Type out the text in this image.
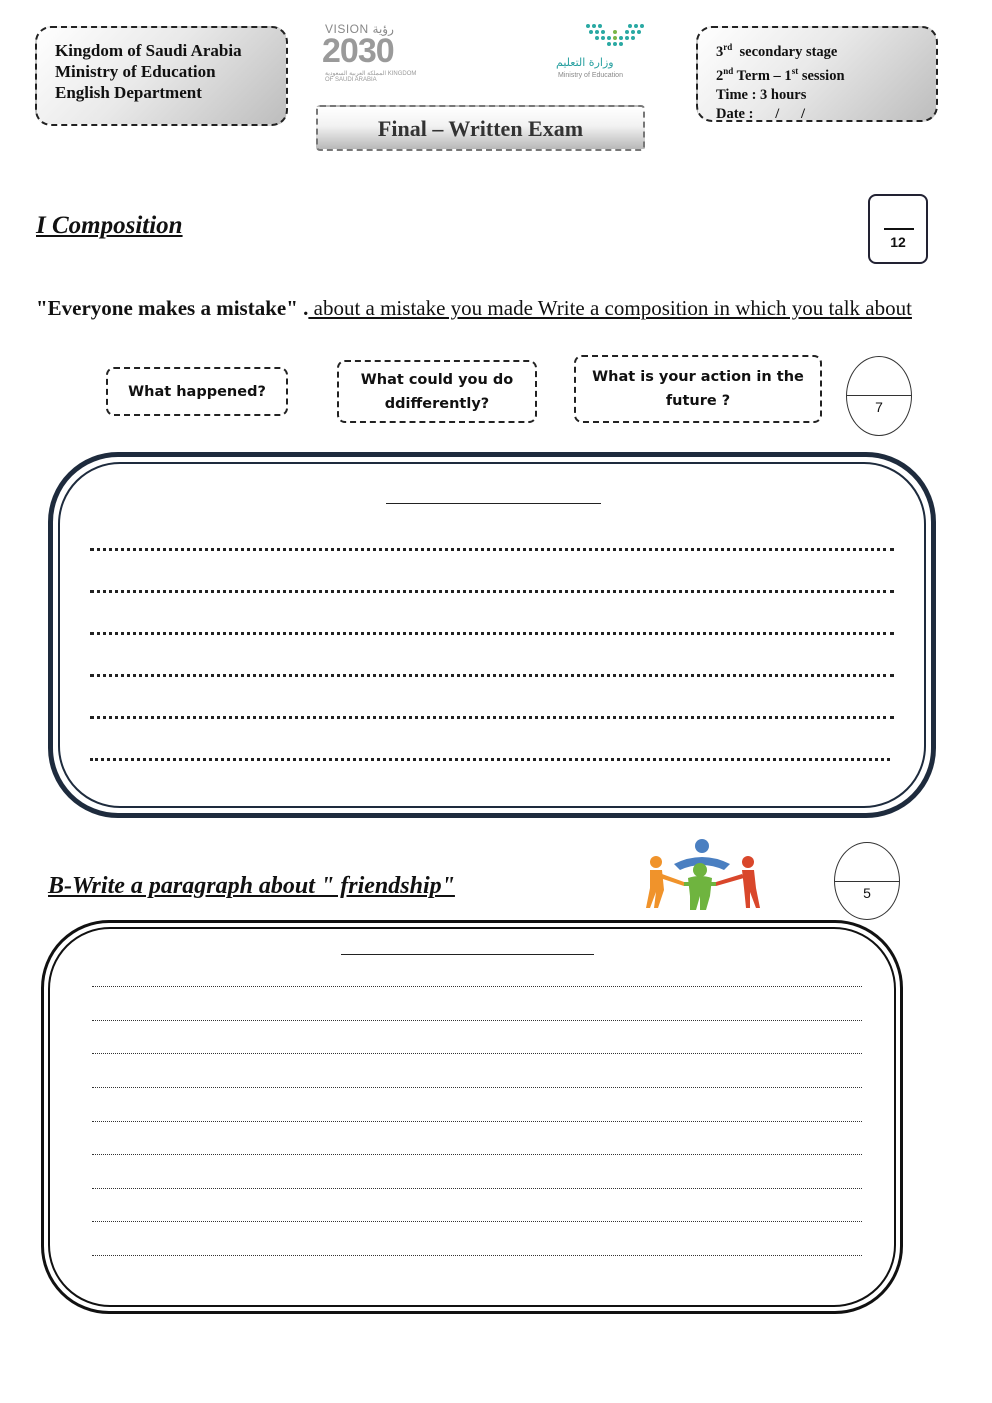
Kingdom of Saudi Arabia
Ministry of Education
English Department
VISION رؤية
2030
المملكة العربية السعودية KINGDOM OF SAUDI ARABIA
وزارة التعليم
Ministry of Education
Final – Written Exam
3rd secondary stage
2nd Term – 1st session
Time : 3 hours
Date :      /      /
I Composition
12
"Everyone makes a mistake" . about a mistake you made Write a composition in which you talk about
What happened?
What could you do ddifferently?
What is your action in the future ?	7
B-Write a paragraph about " friendship"	5
